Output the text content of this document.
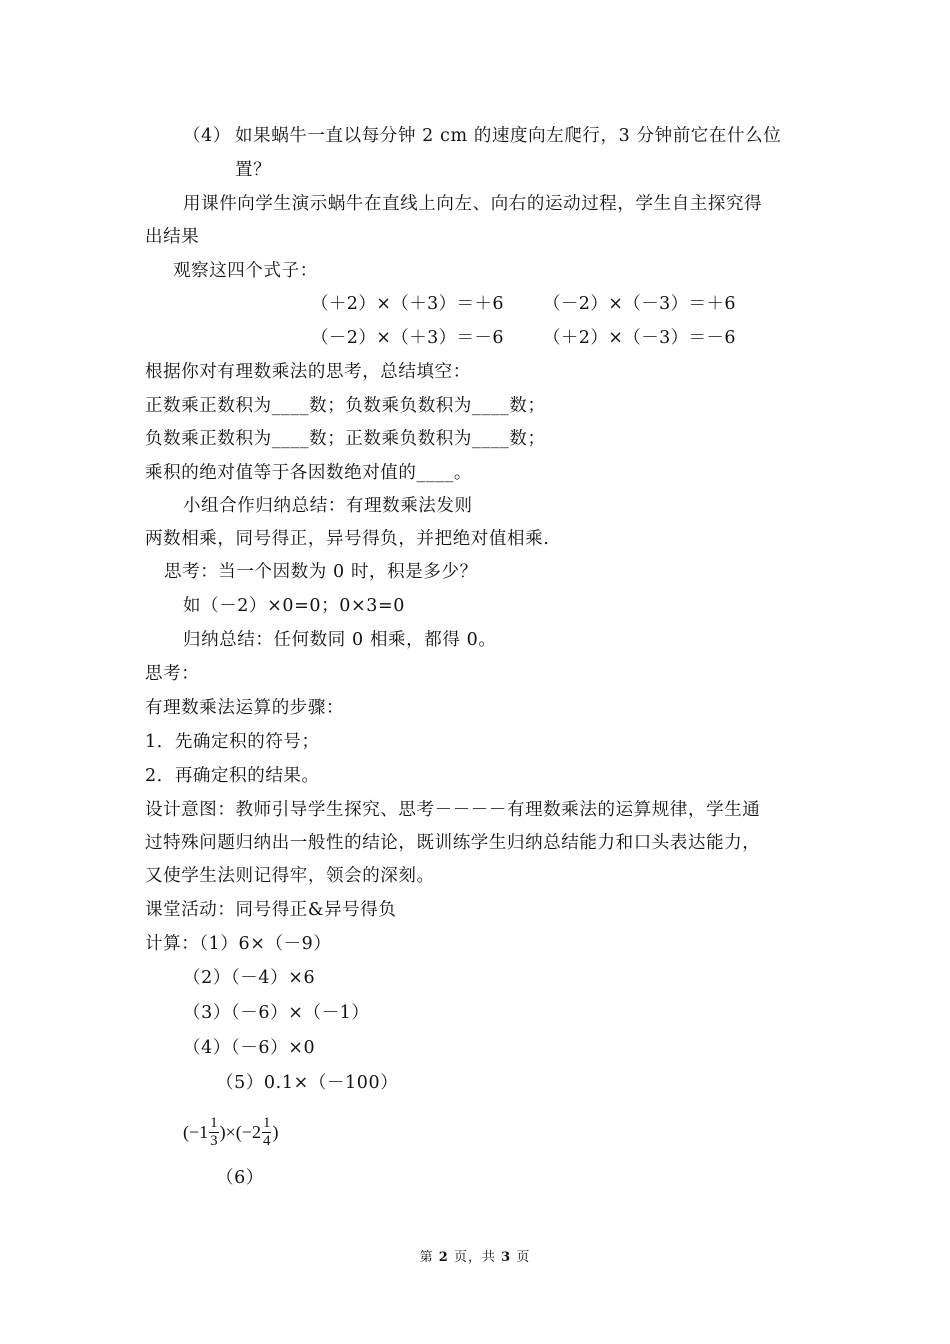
（4） 如果蜗牛一直以每分钟 2 cm 的速度向左爬行，3 分钟前它在什么位
置？
用课件向学生演示蜗牛在直线上向左、向右的运动过程，学生自主探究得
出结果
观察这四个式子：
（＋2）×（＋3）＝＋6 （－2）×（－3）＝＋6
（－2）×（＋3）＝－6 （＋2）×（－3）＝－6
根据你对有理数乘法的思考，总结填空：
正数乘正数积为____数；负数乘负数积为____数；
负数乘正数积为____数；正数乘负数积为____数；
乘积的绝对值等于各因数绝对值的____。
小组合作归纳总结：有理数乘法发则
两数相乘，同号得正，异号得负，并把绝对值相乘.
思考：当一个因数为 0 时，积是多少？
如（－2）×0=0；0×3=0
归纳总结：任何数同 0 相乘，都得 0。
思考：
有理数乘法运算的步骤：
1．先确定积的符号；
2．再确定积的结果。
设计意图：教师引导学生探究、思考－－－－有理数乘法的运算规律，学生通
过特殊问题归纳出一般性的结论，既训练学生归纳总结能力和口头表达能力，
又使学生法则记得牢，领会的深刻。
课堂活动：同号得正&异号得负
计算：（1）6×（－9）
（2）（－4）×6
（3）（－6）×（－1）
（4）（－6）×0
（5）0.1×（－100）
$(-1 \frac{1}{3} )\times(-2 \frac{1}{4}$ )
（6）
第 2 页，共 3 页
